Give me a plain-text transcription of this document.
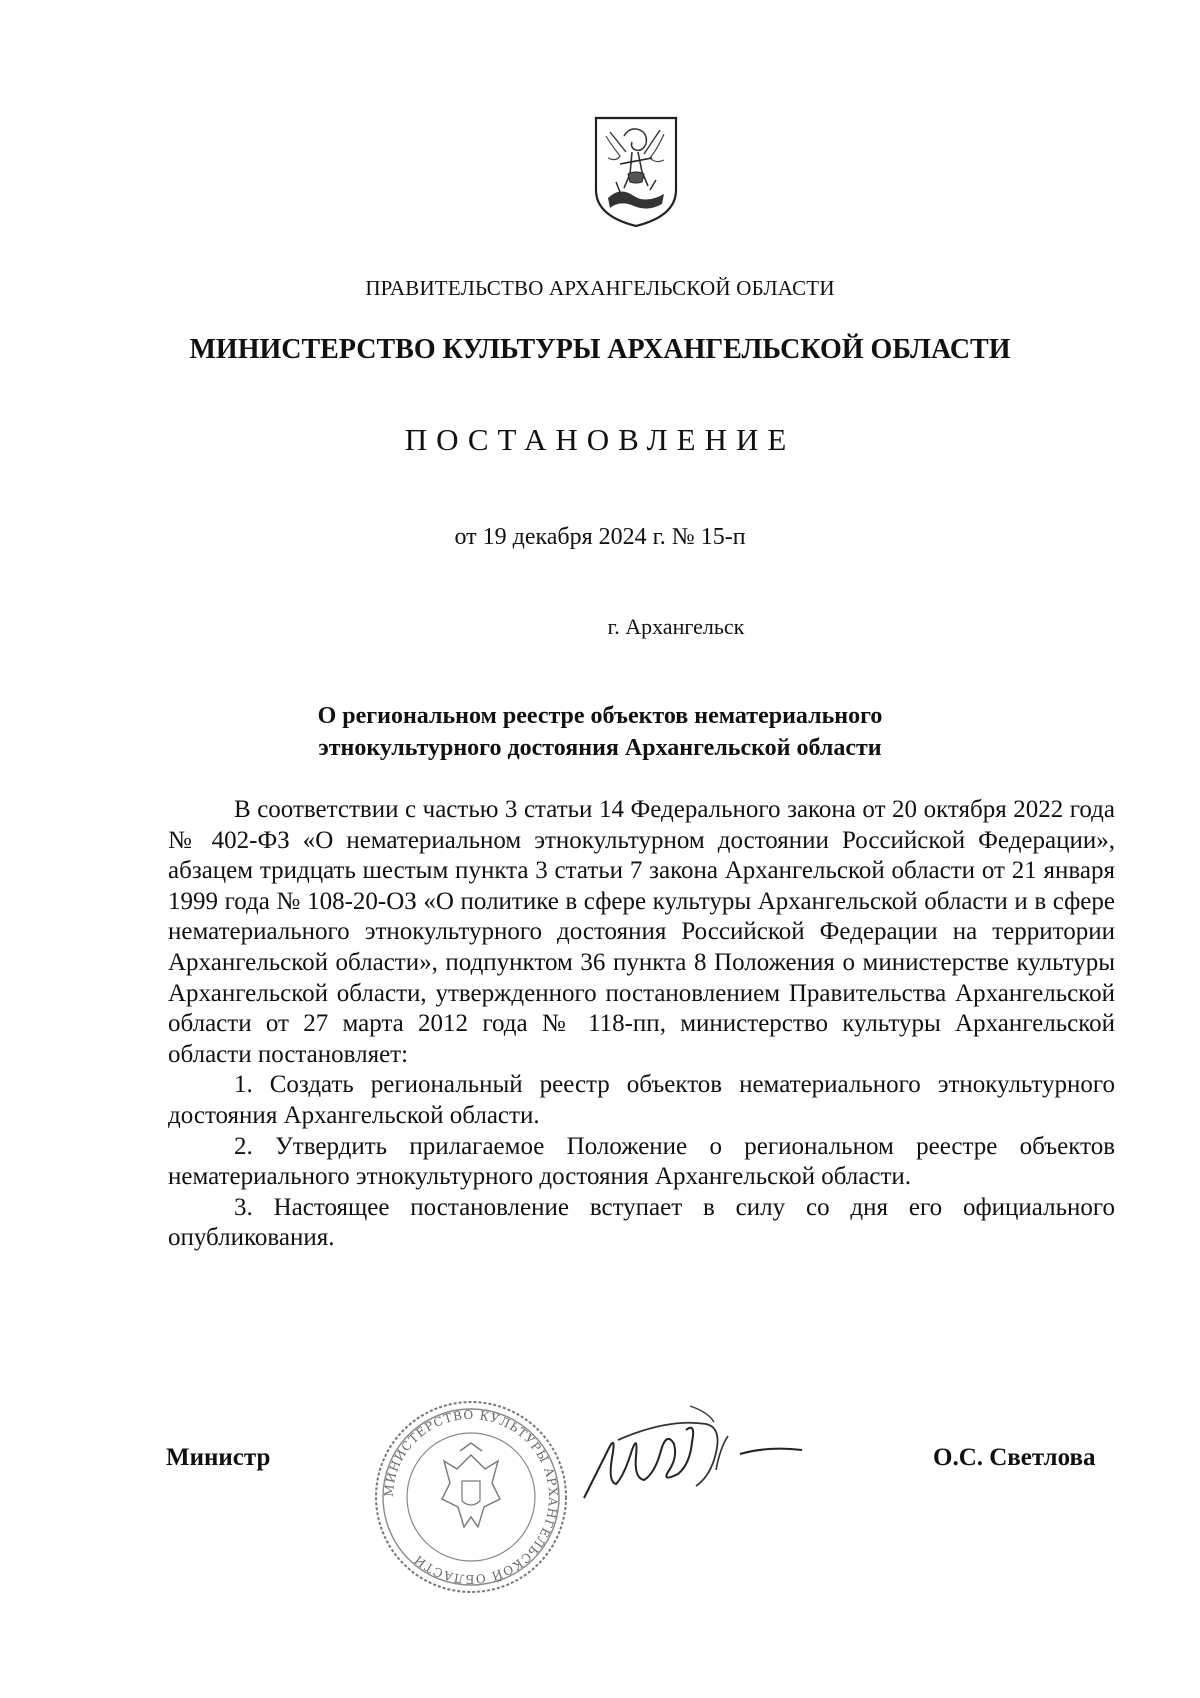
ПРАВИТЕЛЬСТВО АРХАНГЕЛЬСКОЙ ОБЛАСТИ
МИНИСТЕРСТВО КУЛЬТУРЫ АРХАНГЕЛЬСКОЙ ОБЛАСТИ
ПОСТАНОВЛЕНИЕ
от 19 декабря 2024 г. № 15-п
г. Архангельск
О региональном реестре объектов нематериального
этнокультурного достояния Архангельской области

В соответствии с частью 3 статьи 14 Федерального закона от 20 октября 2022 года № 402-ФЗ «О нематериальном этнокультурном достоянии Российской Федерации», абзацем тридцать шестым пункта 3 статьи 7 закона Архангельской области от 21 января 1999 года № 108-20-ОЗ «О политике в сфере культуры Архангельской области и в сфере нематериального этнокультурного достояния Российской Федерации на территории Архангельской области», подпунктом 36 пункта 8 Положения о министерстве культуры Архангельской области, утвержденного постановлением Правительства Архангельской области от 27 марта 2012 года № 118-пп, министерство культуры Архангельской области постановляет:

1. Создать региональный реестр объектов нематериального этнокультурного достояния Архангельской области.

2. Утвердить прилагаемое Положение о региональном реестре объектов нематериального этнокультурного достояния Архангельской области.

3. Настоящее постановление вступает в силу со дня его официального опубликования.

Министр
МИНИСТЕРСТВО КУЛЬТУРЫ АРХАНГЕЛЬСКОЙ ОБЛАСТИ
О.С. Светлова
